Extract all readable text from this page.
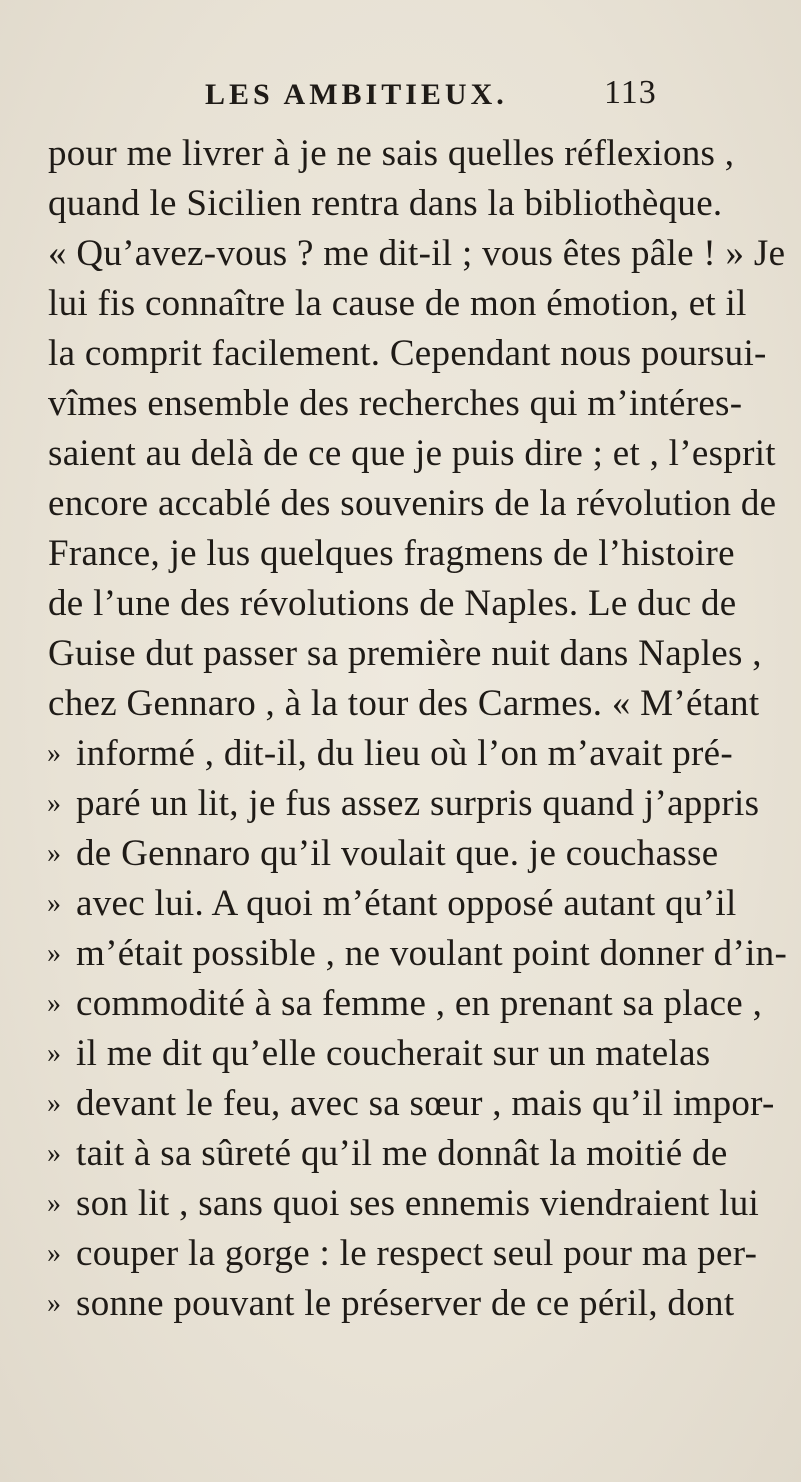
LES AMBITIEUX.	113
pour me livrer à je ne sais quelles réflexions ,
quand le Sicilien rentra dans la bibliothèque.
« Qu’avez-vous ? me dit-il ; vous êtes pâle ! » Je
lui fis connaître la cause de mon émotion, et il
la comprit facilement. Cependant nous poursui-
vîmes ensemble des recherches qui m’intéres-
saient au delà de ce que je puis dire ; et , l’esprit
encore accablé des souvenirs de la révolution de
France, je lus quelques fragmens de l’histoire
de l’une des révolutions de Naples. Le duc de
Guise dut passer sa première nuit dans Naples ,
chez Gennaro , à la tour des Carmes. « M’étant
» informé , dit-il, du lieu où l’on m’avait pré-
» paré un lit, je fus assez surpris quand j’appris
» de Gennaro qu’il voulait que. je couchasse
» avec lui. A quoi m’étant opposé autant qu’il
» m’était possible , ne voulant point donner d’in-
» commodité à sa femme , en prenant sa place ,
» il me dit qu’elle coucherait sur un matelas
» devant le feu, avec sa sœur , mais qu’il impor-
» tait à sa sûreté qu’il me donnât la moitié de
» son lit , sans quoi ses ennemis viendraient lui
» couper la gorge : le respect seul pour ma per-
» sonne pouvant le préserver de ce péril, dont
